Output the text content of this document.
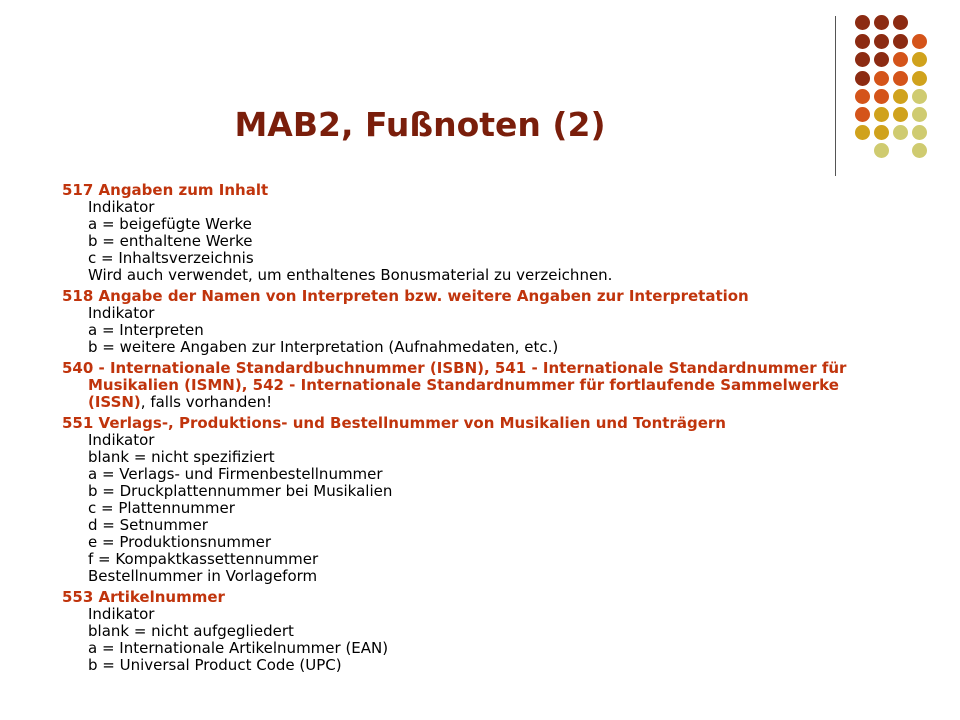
MAB2, Fußnoten (2)
517 Angaben zum Inhalt
Indikator
a = beigefügte Werke
b = enthaltene Werke
c = Inhaltsverzeichnis
Wird auch verwendet, um enthaltenes Bonusmaterial zu verzeichnen.
518 Angabe der Namen von Interpreten bzw. weitere Angaben zur Interpretation
Indikator
a = Interpreten
b = weitere Angaben zur Interpretation (Aufnahmedaten, etc.)
540 - Internationale Standardbuchnummer (ISBN), 541 - Internationale Standardnummer für
Musikalien (ISMN), 542 - Internationale Standardnummer für fortlaufende Sammelwerke
(ISSN), falls vorhanden!
551 Verlags-, Produktions- und Bestellnummer von Musikalien und Tonträgern
Indikator
blank = nicht spezifiziert
a = Verlags- und Firmenbestellnummer
b = Druckplattennummer bei Musikalien
c = Plattennummer
d = Setnummer
e = Produktionsnummer
f = Kompaktkassettennummer
Bestellnummer in Vorlageform
553 Artikelnummer
Indikator
blank = nicht aufgegliedert
a = Internationale Artikelnummer (EAN)
b = Universal Product Code (UPC)
